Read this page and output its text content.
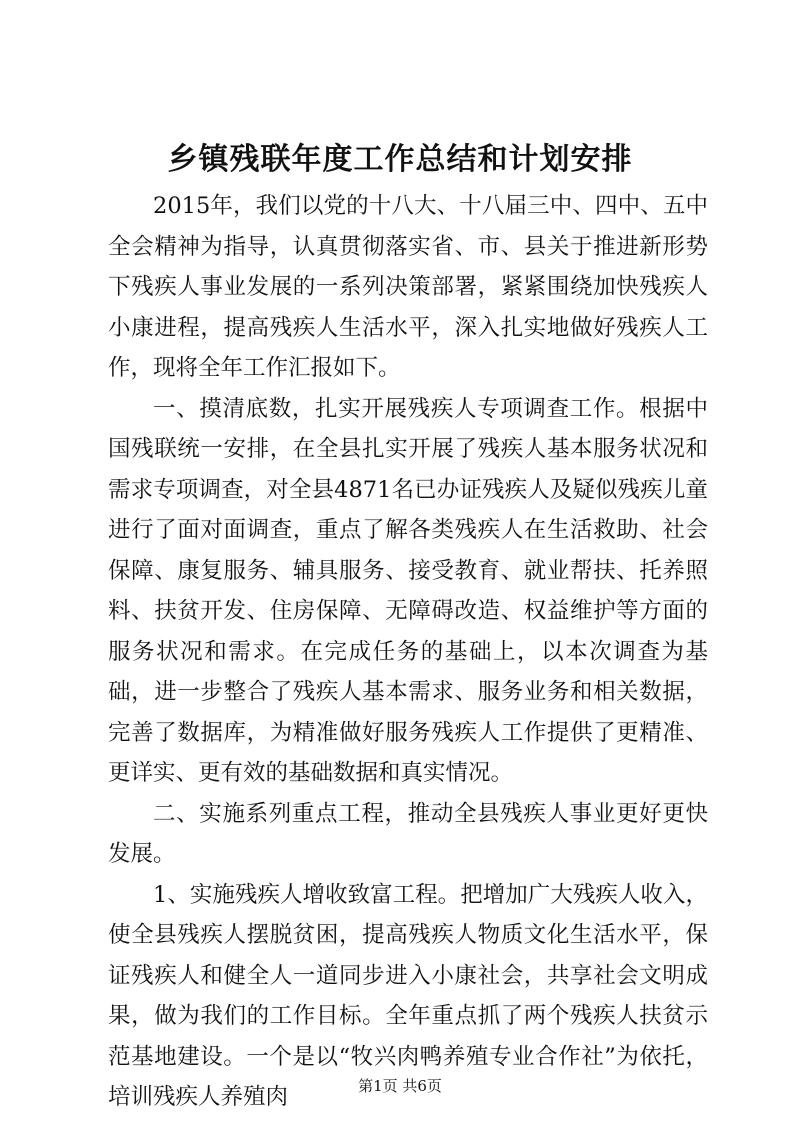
乡镇残联年度工作总结和计划安排

2015年，我们以党的十八大、十八届三中、四中、五中全会精神为指导，认真贯彻落实省、市、县关于推进新形势下残疾人事业发展的一系列决策部署，紧紧围绕加快残疾人小康进程，提高残疾人生活水平，深入扎实地做好残疾人工作，现将全年工作汇报如下。

一、摸清底数，扎实开展残疾人专项调查工作。根据中国残联统一安排，在全县扎实开展了残疾人基本服务状况和需求专项调查，对全县4871名已办证残疾人及疑似残疾儿童进行了面对面调查，重点了解各类残疾人在生活救助、社会保障、康复服务、辅具服务、接受教育、就业帮扶、托养照料、扶贫开发、住房保障、无障碍改造、权益维护等方面的服务状况和需求。在完成任务的基础上，以本次调查为基础，进一步整合了残疾人基本需求、服务业务和相关数据，完善了数据库，为精准做好服务残疾人工作提供了更精准、更详实、更有效的基础数据和真实情况。

二、实施系列重点工程，推动全县残疾人事业更好更快发展。

1、实施残疾人增收致富工程。把增加广大残疾人收入，使全县残疾人摆脱贫困，提高残疾人物质文化生活水平，保证残疾人和健全人一道同步进入小康社会，共享社会文明成果，做为我们的工作目标。全年重点抓了两个残疾人扶贫示范基地建设。一个是以“牧兴肉鸭养殖专业合作社”为依托，培训残疾人养殖肉	第1页 共6页
